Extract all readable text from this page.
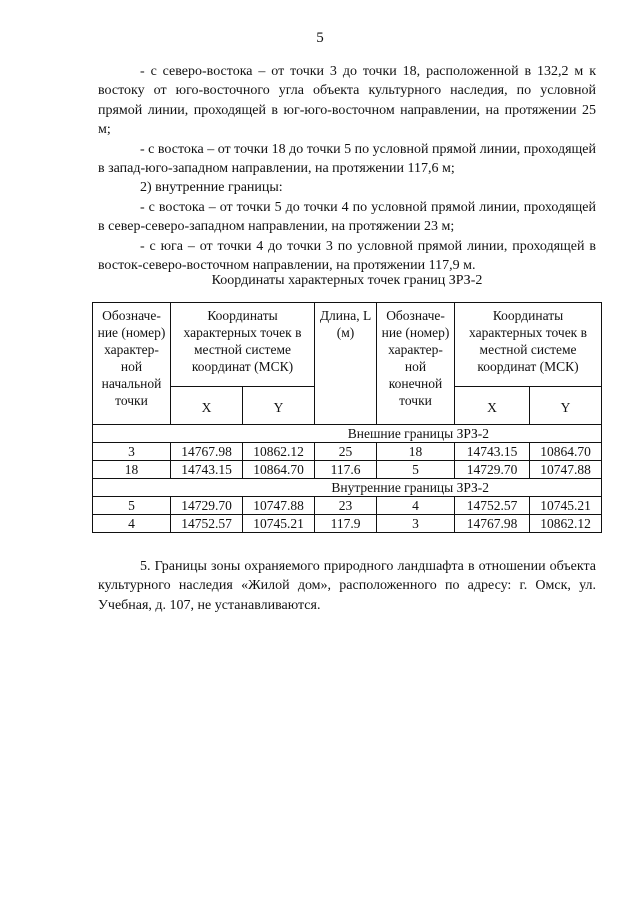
5

- с северо-востока – от точки 3 до точки 18, расположенной в 132,2 м к востоку от юго-восточного угла объекта культурного наследия, по условной прямой линии, проходящей в юг-юго-восточном направлении, на протяжении 25 м;

- с востока – от точки 18 до точки 5 по условной прямой линии, проходящей в запад-юго-западном направлении, на протяжении 117,6 м;

2) внутренние границы:

- с востока – от точки 5 до точки 4 по условной прямой линии, проходящей в север-северо-западном направлении, на протяжении 23 м;

- с юга – от точки 4 до точки 3 по условной прямой линии, проходящей в восток-северо-восточном направлении, на протяжении 117,9 м.

Координаты характерных точек границ ЗРЗ-2
Обозначе-ние (номер) характер-ной начальной точки	Координаты характерных точек в местной системе координат (МСК)		Длина, L (м)	Обозначе-ние (номер) характер-ной конечной точки	Координаты характерных точек в местной системе координат (МСК)	
	X	Y			X	Y
Внешние границы ЗРЗ-2						
3	14767.98	10862.12	25	18	14743.15	10864.70
18	14743.15	10864.70	117.6	5	14729.70	10747.88
Внутренние границы ЗРЗ-2						
5	14729.70	10747.88	23	4	14752.57	10745.21
4	14752.57	10745.21	117.9	3	14767.98	10862.12

5. Границы зоны охраняемого природного ландшафта в отношении объекта культурного наследия «Жилой дом», расположенного по адресу: г. Омск, ул. Учебная, д. 107, не устанавливаются.
